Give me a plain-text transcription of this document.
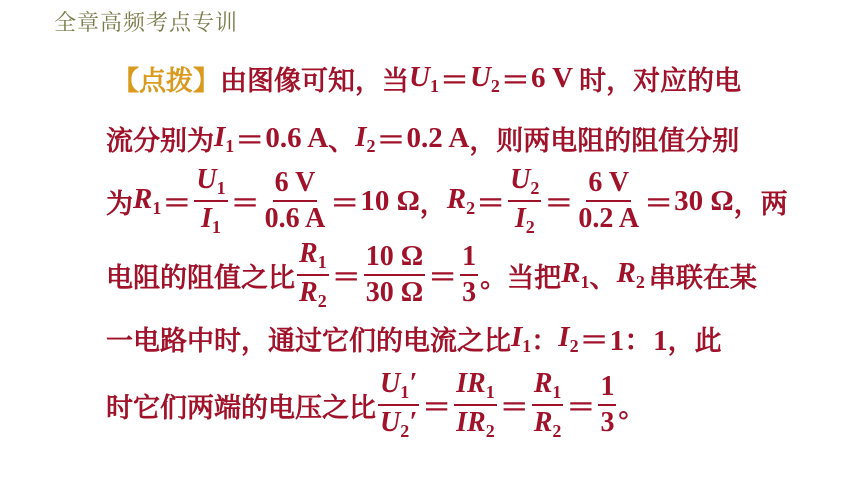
全章高频考点专训
【点拨】 由图像可知，当 $U_1 = U_2 = 6$ V 时，对应的电
流分别为 $I_1 = 0.6$ A 、 $I_2 = 0.2$ A ，则两电阻的阻值分别
为 $R_1 = \frac{U_1}{I_1} = \frac{6 V}{0.6 A} = 10$ Ω ， $R_2 = \frac{U_2}{I_2} = \frac{6 V}{0.2 A} = 30$ Ω ，两
电阻的阻值之比 $\frac{R_1}{R_2} = \frac{10 \Omega}{30 \Omega} = \frac{1}{3}$ 。当把 $R_1$ 、 $R_2$ 串联在某
一电路中时，通过它们的电流之比 $I_1$ ： $I_2 = 1$：1 ，此
时它们两端的电压之比 $\frac{U_1'}{U_2'} = \frac{IR_1}{IR_2} = \frac{R_1}{R_2} = \frac{1}{3}$ 。
